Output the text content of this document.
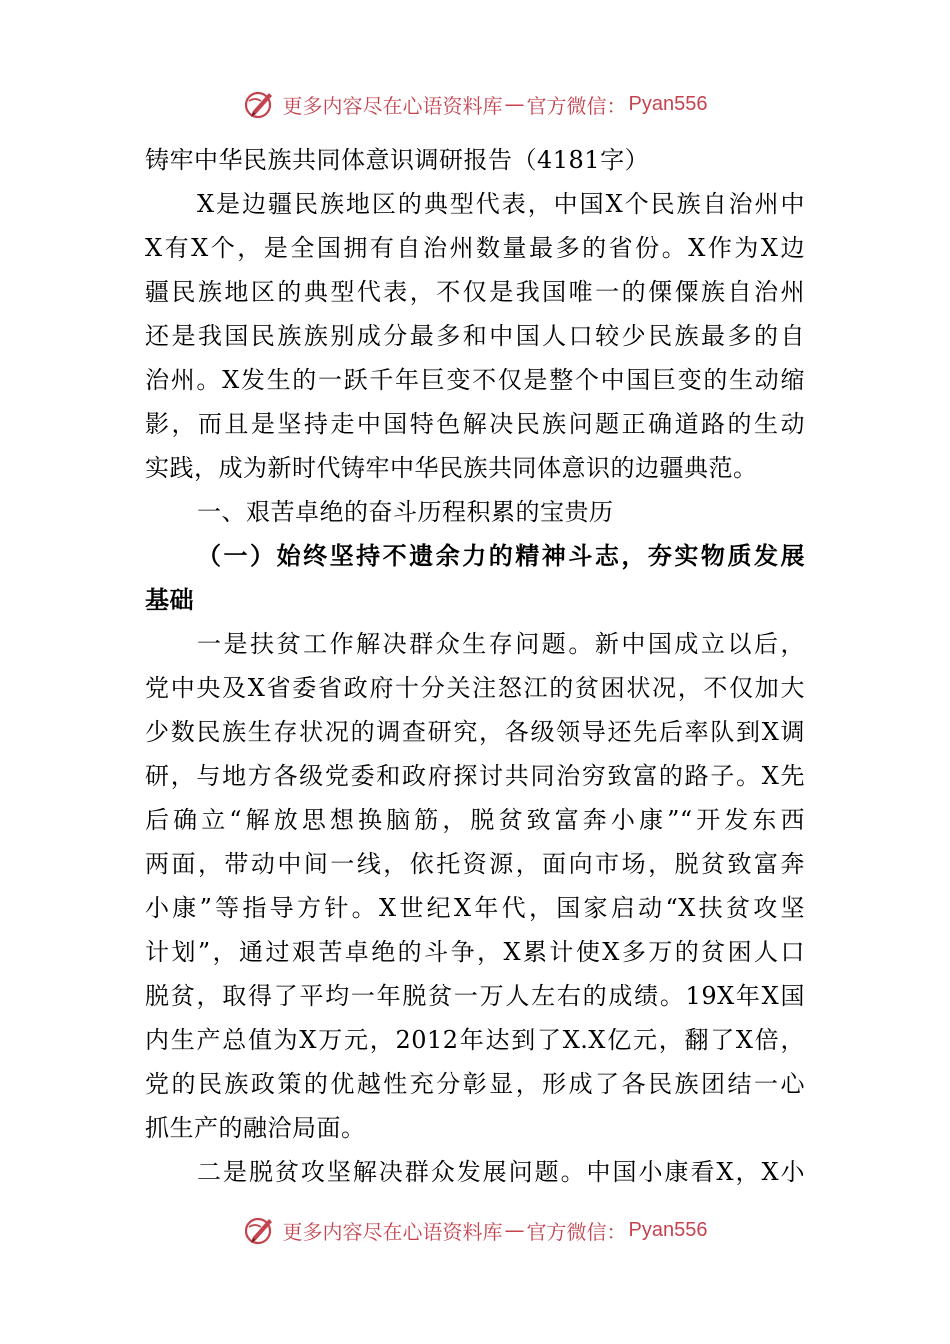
更多内容尽在心语资料库 — 官方微信： Pyan556
铸牢中华民族共同体意识调研报告（4181字）
X是边疆民族地区的典型代表，中国X个民族自治州中
X有X个，是全国拥有自治州数量最多的省份。X作为X边
疆民族地区的典型代表，不仅是我国唯一的傈僳族自治州
还是我国民族族别成分最多和中国人口较少民族最多的自
治州。X发生的一跃千年巨变不仅是整个中国巨变的生动缩
影，而且是坚持走中国特色解决民族问题正确道路的生动
实践，成为新时代铸牢中华民族共同体意识的边疆典范。
一、艰苦卓绝的奋斗历程积累的宝贵历
（一）始终坚持不遗余力的精神斗志，夯实物质发展
基础
一是扶贫工作解决群众生存问题。新中国成立以后，
党中央及X省委省政府十分关注怒江的贫困状况，不仅加大
少数民族生存状况的调查研究，各级领导还先后率队到X调
研，与地方各级党委和政府探讨共同治穷致富的路子。X先
后确立“解放思想换脑筋，脱贫致富奔小康”“开发东西
两面，带动中间一线，依托资源，面向市场，脱贫致富奔
小康”等指导方针。X世纪X年代，国家启动“X扶贫攻坚
计划”，通过艰苦卓绝的斗争，X累计使X多万的贫困人口
脱贫，取得了平均一年脱贫一万人左右的成绩。19X年X国
内生产总值为X万元，2012年达到了X.X亿元，翻了X倍，
党的民族政策的优越性充分彰显，形成了各民族团结一心
抓生产的融洽局面。
二是脱贫攻坚解决群众发展问题。中国小康看X，X小
更多内容尽在心语资料库 — 官方微信： Pyan556
